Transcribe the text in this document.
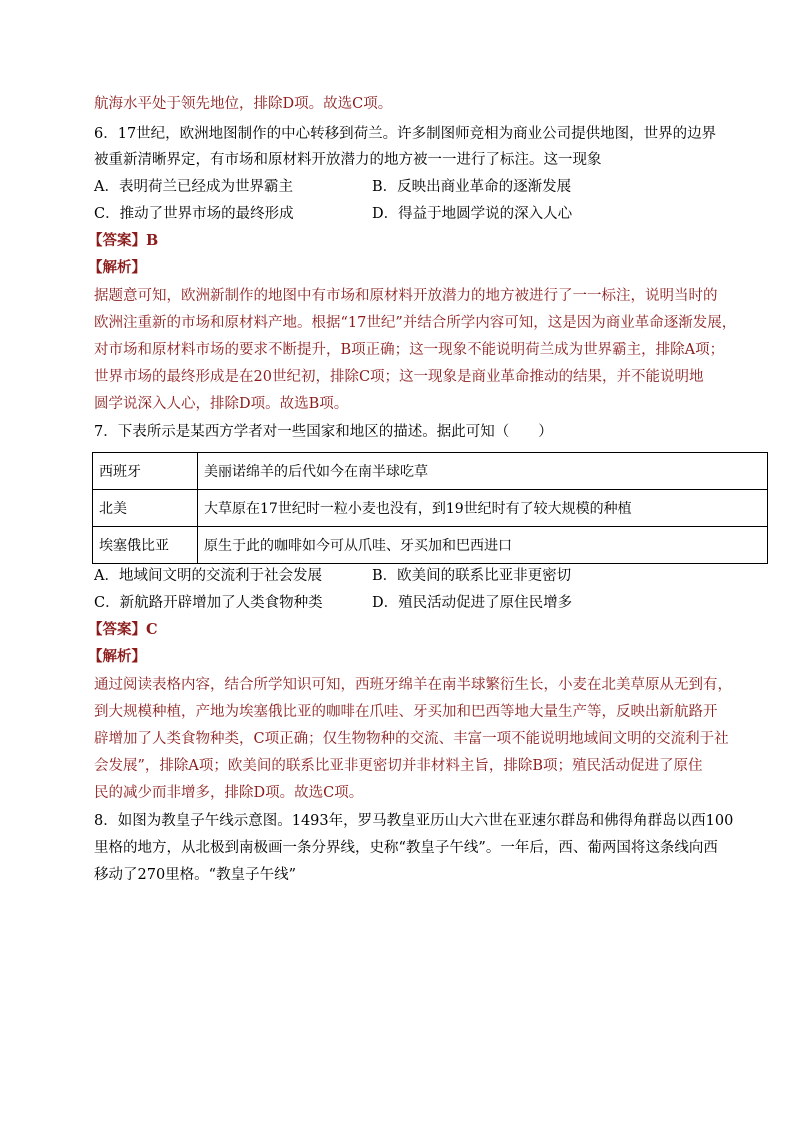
航海水平处于领先地位，排除D项。故选C项。
6．17世纪，欧洲地图制作的中心转移到荷兰。许多制图师竞相为商业公司提供地图，世界的边界
被重新清晰界定，有市场和原材料开放潜力的地方被一一进行了标注。这一现象
A．表明荷兰已经成为世界霸主	B．反映出商业革命的逐渐发展
C．推动了世界市场的最终形成	D．得益于地圆学说的深入人心
【答案】B
【解析】
据题意可知，欧洲新制作的地图中有市场和原材料开放潜力的地方被进行了一一标注，说明当时的
欧洲注重新的市场和原材料产地。根据“17世纪”并结合所学内容可知，这是因为商业革命逐渐发展，
对市场和原材料市场的要求不断提升，B项正确；这一现象不能说明荷兰成为世界霸主，排除A项；
世界市场的最终形成是在20世纪初，排除C项；这一现象是商业革命推动的结果，并不能说明地
圆学说深入人心，排除D项。故选B项。
7．下表所示是某西方学者对一些国家和地区的描述。据此可知（　　）
西班牙	美丽诺绵羊的后代如今在南半球吃草
北美	大草原在17世纪时一粒小麦也没有，到19世纪时有了较大规模的种植
埃塞俄比亚	原生于此的咖啡如今可从爪哇、牙买加和巴西进口
A．地域间文明的交流利于社会发展	B．欧美间的联系比亚非更密切
C．新航路开辟增加了人类食物种类	D．殖民活动促进了原住民增多
【答案】C
【解析】
通过阅读表格内容，结合所学知识可知，西班牙绵羊在南半球繁衍生长，小麦在北美草原从无到有，
到大规模种植，产地为埃塞俄比亚的咖啡在爪哇、牙买加和巴西等地大量生产等，反映出新航路开
辟增加了人类食物种类，C项正确；仅生物物种的交流、丰富一项不能说明地域间文明的交流利于社
会发展”，排除A项；欧美间的联系比亚非更密切并非材料主旨，排除B项；殖民活动促进了原住
民的减少而非增多，排除D项。故选C项。
8．如图为教皇子午线示意图。1493年，罗马教皇亚历山大六世在亚速尔群岛和佛得角群岛以西100
里格的地方，从北极到南极画一条分界线，史称“教皇子午线”。一年后，西、葡两国将这条线向西
移动了270里格。“教皇子午线”
